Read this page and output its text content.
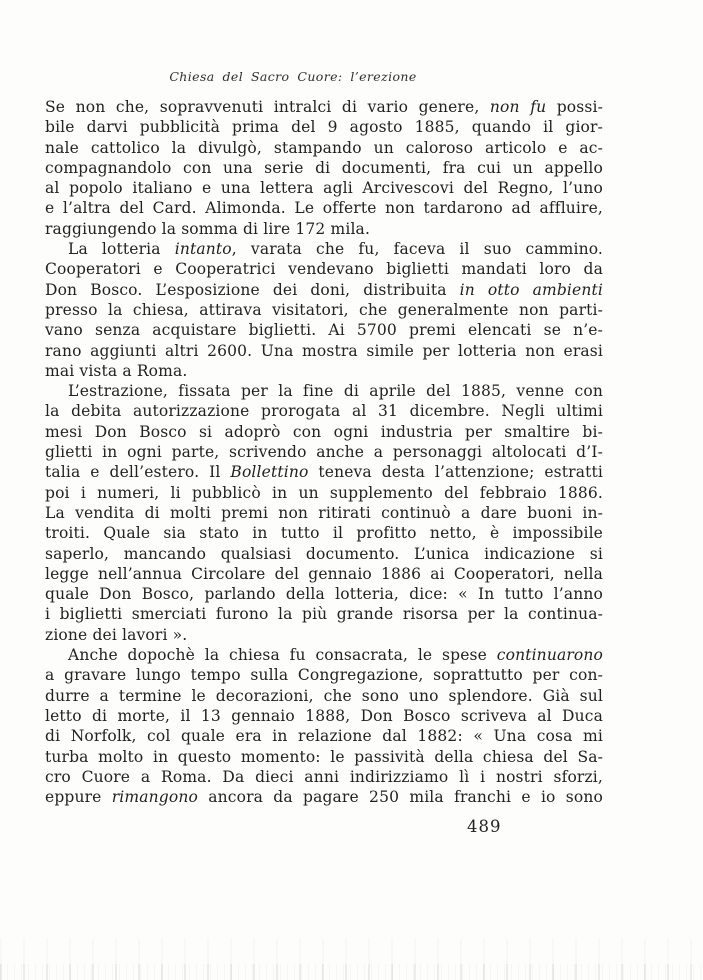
Chiesa del Sacro Cuore: l’erezione
Se non che, sopravvenuti intralci di vario genere, non fu possi-
bile darvi pubblicità prima del 9 agosto 1885, quando il gior-
nale cattolico la divulgò, stampando un caloroso articolo e ac-
compagnandolo con una serie di documenti, fra cui un appello
al popolo italiano e una lettera agli Arcivescovi del Regno, l’uno
e l’altra del Card. Alimonda. Le offerte non tardarono ad affluire,
raggiungendo la somma di lire 172 mila.
La lotteria intanto, varata che fu, faceva il suo cammino.
Cooperatori e Cooperatrici vendevano biglietti mandati loro da
Don Bosco. L’esposizione dei doni, distribuita in otto ambienti
presso la chiesa, attirava visitatori, che generalmente non parti-
vano senza acquistare biglietti. Ai 5700 premi elencati se n’e-
rano aggiunti altri 2600. Una mostra simile per lotteria non erasi
mai vista a Roma.
L’estrazione, fissata per la fine di aprile del 1885, venne con
la debita autorizzazione prorogata al 31 dicembre. Negli ultimi
mesi Don Bosco si adoprò con ogni industria per smaltire bi-
glietti in ogni parte, scrivendo anche a personaggi altolocati d’I-
talia e dell’estero. Il Bollettino teneva desta l’attenzione; estratti
poi i numeri, li pubblicò in un supplemento del febbraio 1886.
La vendita di molti premi non ritirati continuò a dare buoni in-
troiti. Quale sia stato in tutto il profitto netto, è impossibile
saperlo, mancando qualsiasi documento. L’unica indicazione si
legge nell’annua Circolare del gennaio 1886 ai Cooperatori, nella
quale Don Bosco, parlando della lotteria, dice: « In tutto l’anno
i biglietti smerciati furono la più grande risorsa per la continua-
zione dei lavori ».
Anche dopochè la chiesa fu consacrata, le spese continuarono
a gravare lungo tempo sulla Congregazione, soprattutto per con-
durre a termine le decorazioni, che sono uno splendore. Già sul
letto di morte, il 13 gennaio 1888, Don Bosco scriveva al Duca
di Norfolk, col quale era in relazione dal 1882: « Una cosa mi
turba molto in questo momento: le passività della chiesa del Sa-
cro Cuore a Roma. Da dieci anni indirizziamo lì i nostri sforzi,
eppure rimangono ancora da pagare 250 mila franchi e io sono
489
